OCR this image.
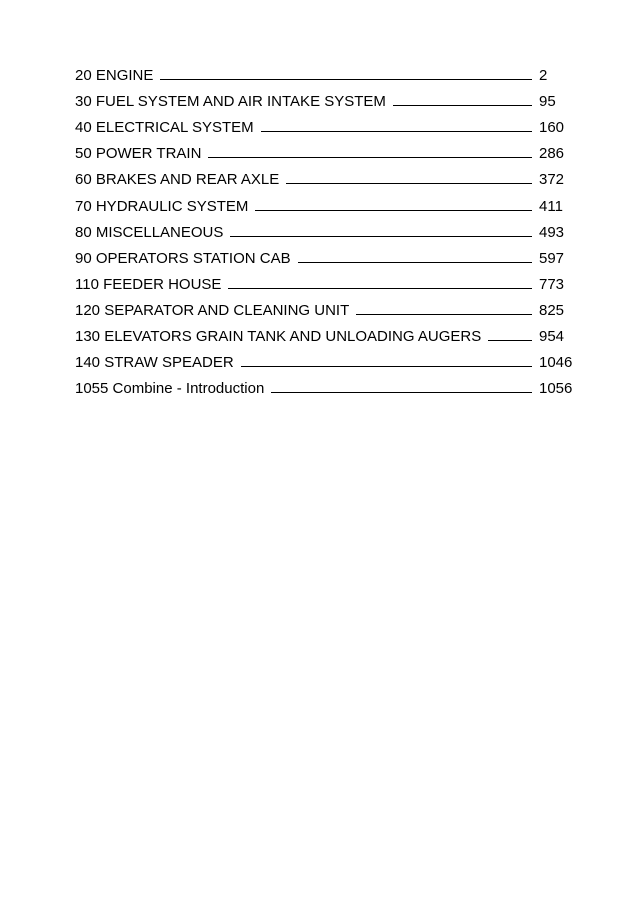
20 ENGINE	2
30 FUEL SYSTEM AND AIR INTAKE SYSTEM	95
40 ELECTRICAL SYSTEM	160
50 POWER TRAIN	286
60 BRAKES AND REAR AXLE	372
70 HYDRAULIC SYSTEM	411
80 MISCELLANEOUS	493
90 OPERATORS STATION CAB	597
110 FEEDER HOUSE	773
120 SEPARATOR AND CLEANING UNIT	825
130 ELEVATORS GRAIN TANK AND UNLOADING AUGERS	954
140 STRAW SPEADER	1046
1055 Combine - Introduction	1056
